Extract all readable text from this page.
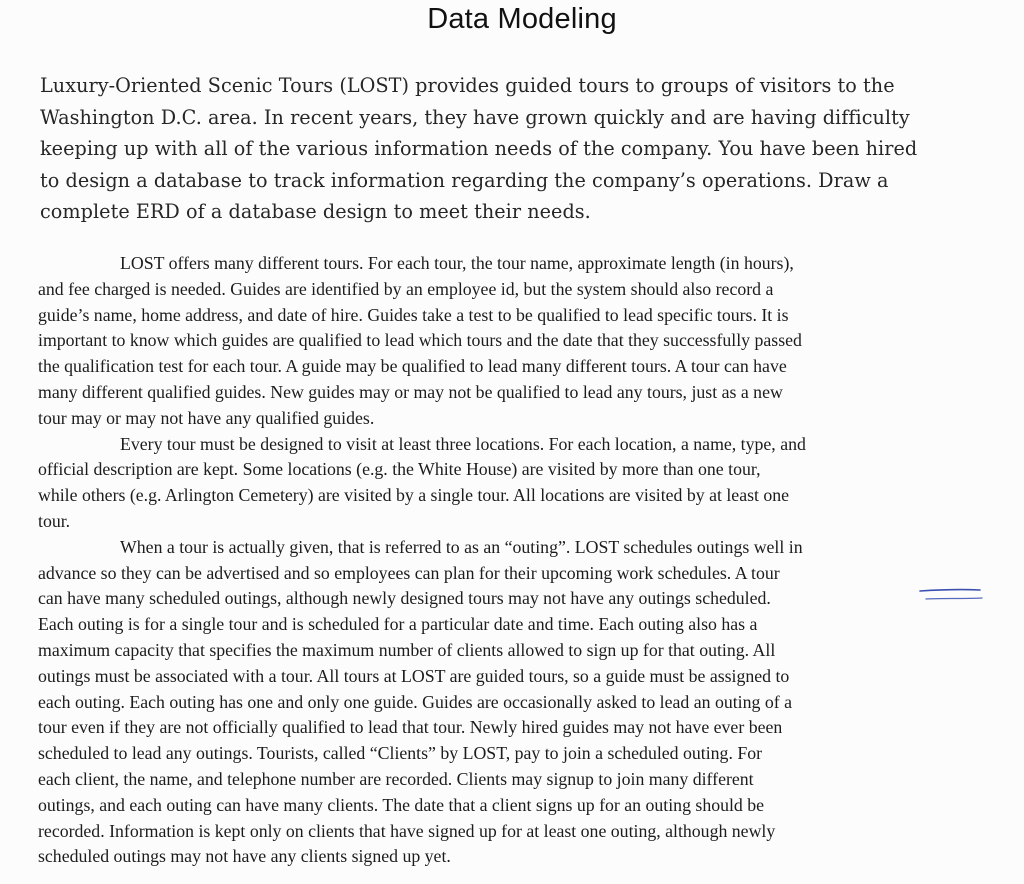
Data Modeling
Luxury-Oriented Scenic Tours (LOST) provides guided tours to groups of visitors to the
Washington D.C. area. In recent years, they have grown quickly and are having difficulty
keeping up with all of the various information needs of the company. You have been hired
to design a database to track information regarding the company’s operations. Draw a
complete ERD of a database design to meet their needs.
LOST offers many different tours. For each tour, the tour name, approximate length (in hours),
and fee charged is needed. Guides are identified by an employee id, but the system should also record a
guide’s name, home address, and date of hire. Guides take a test to be qualified to lead specific tours. It is
important to know which guides are qualified to lead which tours and the date that they successfully passed
the qualification test for each tour. A guide may be qualified to lead many different tours. A tour can have
many different qualified guides. New guides may or may not be qualified to lead any tours, just as a new
tour may or may not have any qualified guides.
Every tour must be designed to visit at least three locations. For each location, a name, type, and
official description are kept. Some locations (e.g. the White House) are visited by more than one tour,
while others (e.g. Arlington Cemetery) are visited by a single tour. All locations are visited by at least one
tour.
When a tour is actually given, that is referred to as an “outing”. LOST schedules outings well in
advance so they can be advertised and so employees can plan for their upcoming work schedules. A tour
can have many scheduled outings, although newly designed tours may not have any outings scheduled.
Each outing is for a single tour and is scheduled for a particular date and time. Each outing also has a
maximum capacity that specifies the maximum number of clients allowed to sign up for that outing. All
outings must be associated with a tour. All tours at LOST are guided tours, so a guide must be assigned to
each outing. Each outing has one and only one guide. Guides are occasionally asked to lead an outing of a
tour even if they are not officially qualified to lead that tour. Newly hired guides may not have ever been
scheduled to lead any outings. Tourists, called “Clients” by LOST, pay to join a scheduled outing. For
each client, the name, and telephone number are recorded. Clients may signup to join many different
outings, and each outing can have many clients. The date that a client signs up for an outing should be
recorded. Information is kept only on clients that have signed up for at least one outing, although newly
scheduled outings may not have any clients signed up yet.
